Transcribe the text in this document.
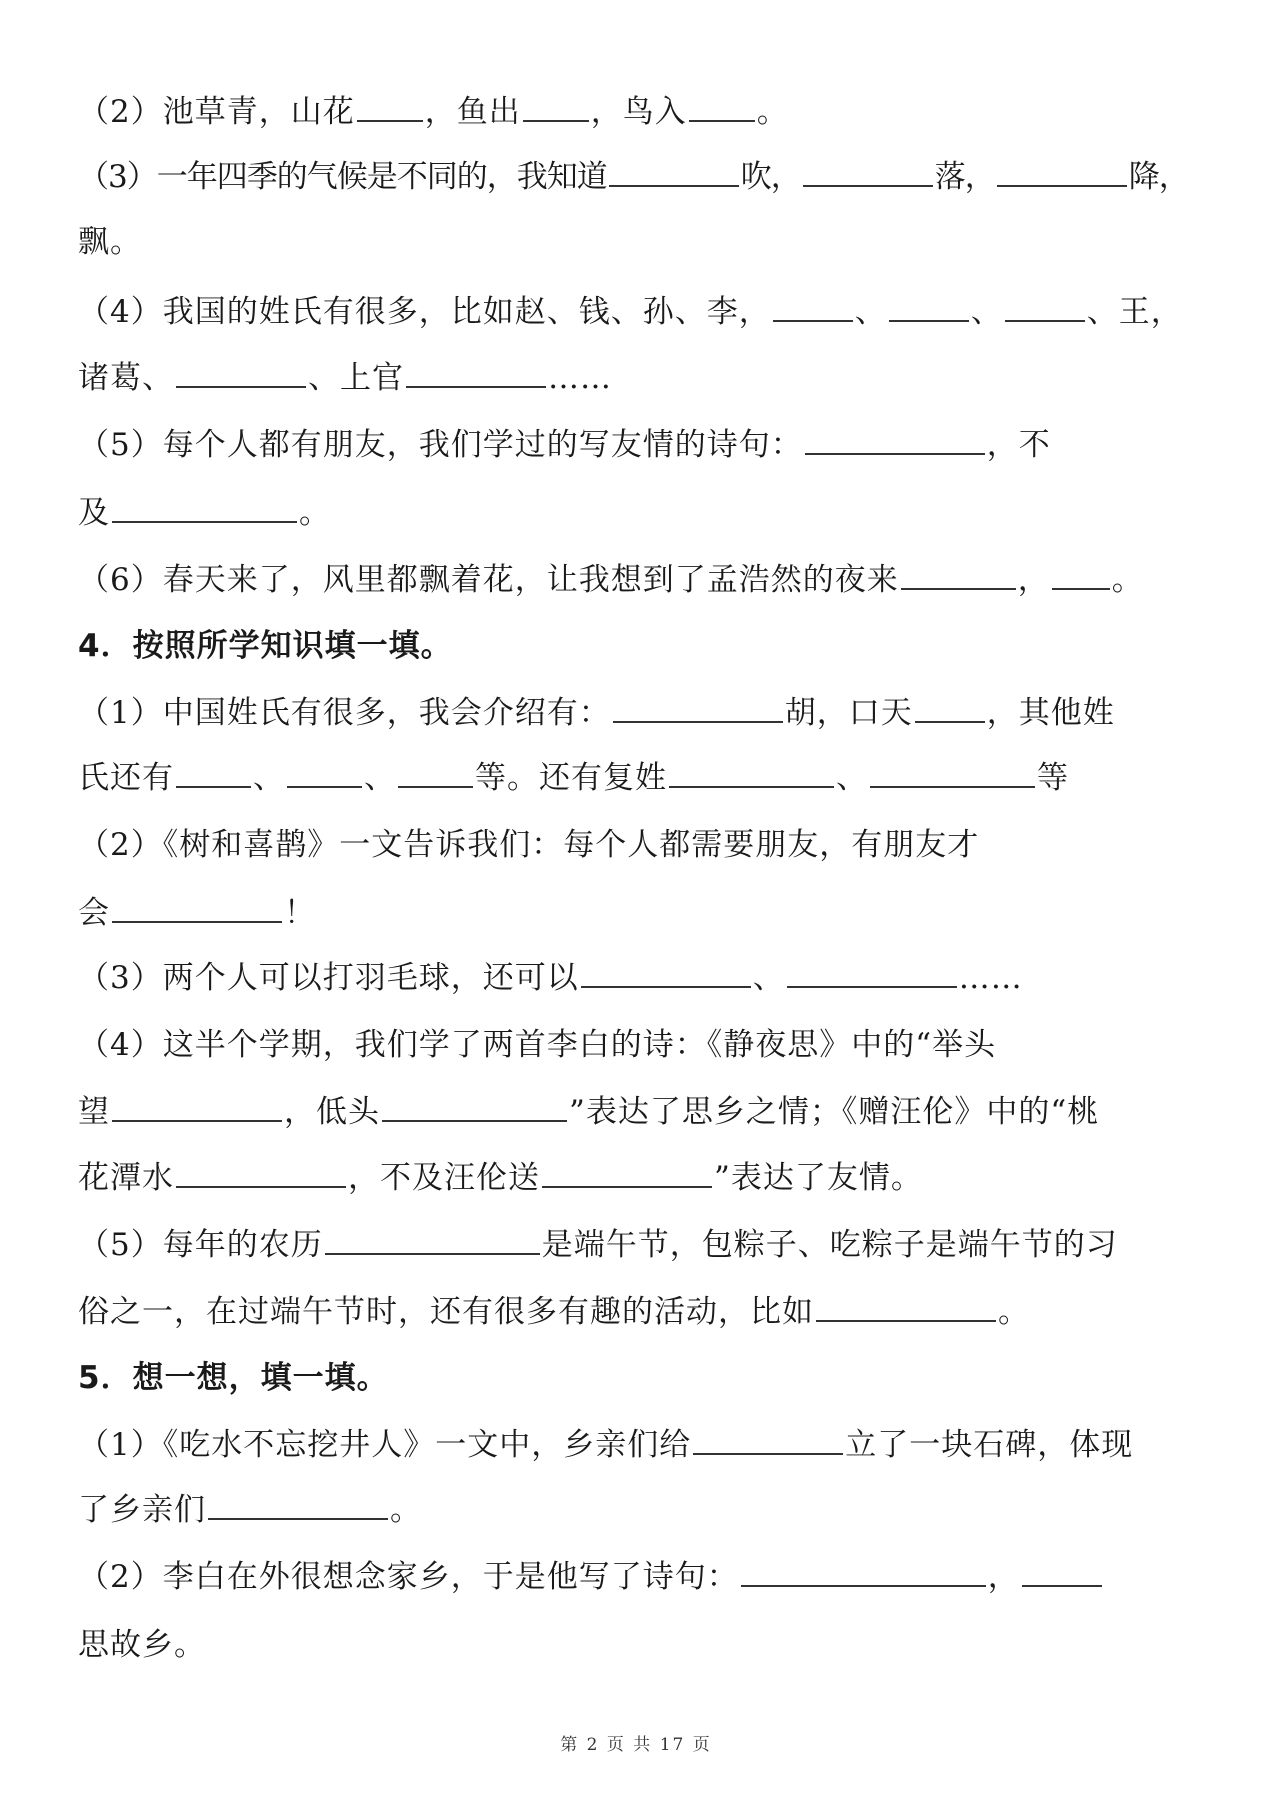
（2）池草青，山花 ，鱼出 ，鸟入 。
（3）一年四季的气候是不同的，我知道	吹，	落，	降，
飘。
（4）我国的姓氏有很多，比如赵、钱、孙、李，	、	、	、王，
诸葛、	、上官	……
（5）每个人都有朋友，我们学过的写友情的诗句：	，不
及	。
（6）春天来了，风里都飘着花，让我想到了孟浩然的夜来	， 。
4．按照所学知识填一填。
（1）中国姓氏有很多，我会介绍有：	胡，口天 ，其他姓
氏还有	、	、	等。还有复姓	、	等
（2）《树和喜鹊》一文告诉我们：每个人都需要朋友，有朋友才
会	！
（3）两个人可以打羽毛球，还可以	、	……
（4）这半个学期，我们学了两首李白的诗：《静夜思》中的“举头
望	，低头	”表达了思乡之情；《赠汪伦》中的“桃
花潭水	，不及汪伦送	”表达了友情。
（5）每年的农历	是端午节，包粽子、吃粽子是端午节的习
俗之一，在过端午节时，还有很多有趣的活动，比如	。
5．想一想，填一填。
（1）《吃水不忘挖井人》一文中，乡亲们给	立了一块石碑，体现
了乡亲们	。
（2）李白在外很想念家乡，于是他写了诗句：	，
思故乡。
第 2 页 共 17 页
